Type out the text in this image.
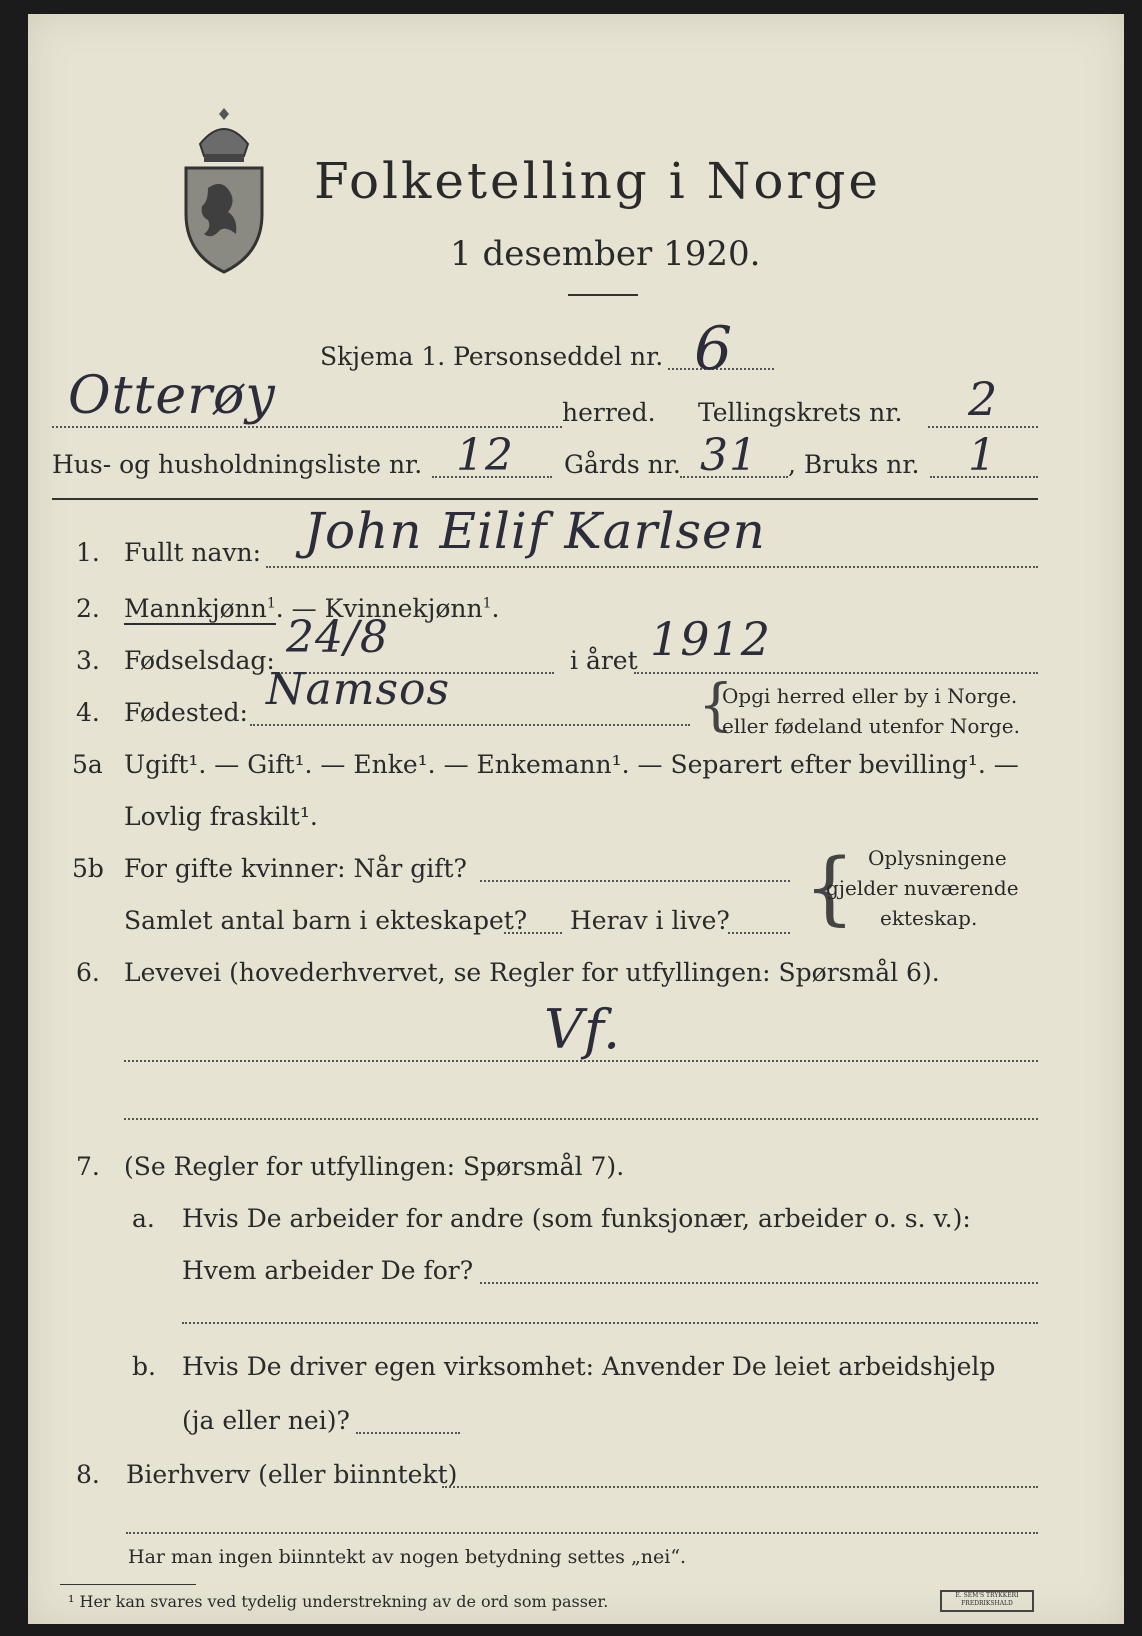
Folketelling i Norge
1 desember 1920.
Skjema 1. Personseddel nr. 6
Otterøy	herred. Tellingskrets nr. 2
Hus- og husholdningsliste nr. 12 Gårds nr. 31 , Bruks nr. 1
1. Fullt navn: John Eilif Karlsen
2. Mannkjønn$^1$. — Kvinnekjønn$^1$.
3. Fødselsdag: 24/8	i året 1912
4. Fødested: Namsos	{
Opgi herred eller by i Norge.
eller fødeland utenfor Norge.
5a Ugift¹. — Gift¹. — Enke¹. — Enkemann¹. — Separert efter bevilling¹. —
Lovlig fraskilt¹.
5b For gifte kvinner: Når gift?
Samlet antal barn i ekteskapet? Herav i live? { Oplysningene
gjelder nuværende
ekteskap.
6. Levevei (hovederhvervet, se Regler for utfyllingen: Spørsmål 6).
Vf.
7. (Se Regler for utfyllingen: Spørsmål 7).
a. Hvis De arbeider for andre (som funksjonær, arbeider o. s. v.):
Hvem arbeider De for?
b. Hvis De driver egen virksomhet: Anvender De leiet arbeidshjelp
(ja eller nei)?
8. Bierhverv (eller biinntekt)
Har man ingen biinntekt av nogen betydning settes „nei“.
¹ Her kan svares ved tydelig understrekning av de ord som passer.	E. SEM'S TRYKKERI FREDRIKSHALD
